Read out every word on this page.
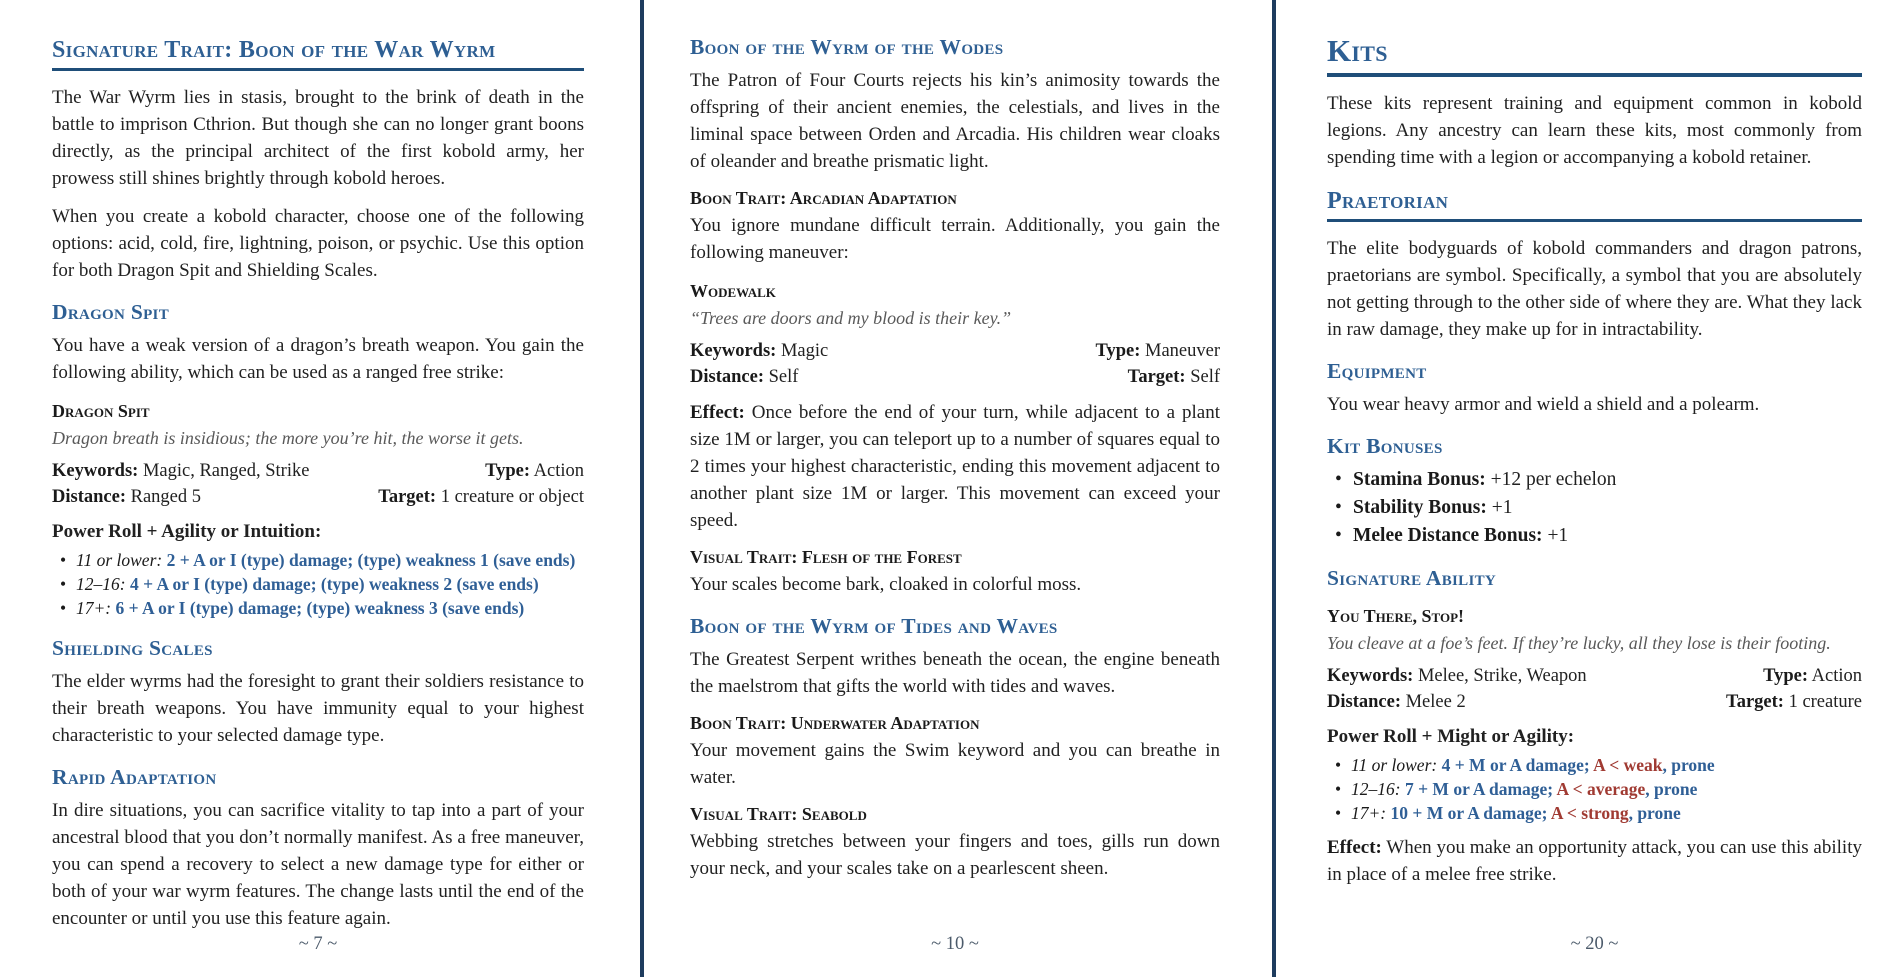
Signature Trait: Boon of the War Wyrm

The War Wyrm lies in stasis, brought to the brink of death in the battle to imprison Cthrion. But though she can no longer grant boons directly, as the principal architect of the first kobold army, her prowess still shines brightly through kobold heroes.

When you create a kobold character, choose one of the following options: acid, cold, fire, lightning, poison, or psychic. Use this option for both Dragon Spit and Shielding Scales.

Dragon Spit

You have a weak version of a dragon’s breath weapon. You gain the following ability, which can be used as a ranged free strike:

Dragon Spit
Dragon breath is insidious; the more you’re hit, the worse it gets.
Keywords: Magic, Ranged, Strike	Type: Action
Distance: Ranged 5	Target: 1 creature or object
Power Roll + Agility or Intuition:
• 11 or lower: 2 + A or I (type) damage; (type) weakness 1 (save ends)
• 12–16: 4 + A or I (type) damage; (type) weakness 2 (save ends)
• 17+: 6 + A or I (type) damage; (type) weakness 3 (save ends)
Shielding Scales

The elder wyrms had the foresight to grant their soldiers resistance to their breath weapons. You have immunity equal to your highest characteristic to your selected damage type.

Rapid Adaptation

In dire situations, you can sacrifice vitality to tap into a part of your ancestral blood that you don’t normally manifest. As a free maneuver, you can spend a recovery to select a new damage type for either or both of your war wyrm features. The change lasts until the end of the encounter or until you use this feature again.

~ 7 ~
Boon of the Wyrm of the Wodes

The Patron of Four Courts rejects his kin’s animosity towards the offspring of their ancient enemies, the celestials, and lives in the liminal space between Orden and Arcadia. His children wear cloaks of oleander and breathe prismatic light.

Boon Trait: Arcadian Adaptation

You ignore mundane difficult terrain. Additionally, you gain the following maneuver:

Wodewalk
“Trees are doors and my blood is their key.”
Keywords: Magic	Type: Maneuver
Distance: Self	Target: Self

Effect: Once before the end of your turn, while adjacent to a plant size 1M or larger, you can teleport up to a number of squares equal to 2 times your highest characteristic, ending this movement adjacent to another plant size 1M or larger. This movement can exceed your speed.

Visual Trait: Flesh of the Forest

Your scales become bark, cloaked in colorful moss.

Boon of the Wyrm of Tides and Waves

The Greatest Serpent writhes beneath the ocean, the engine beneath the maelstrom that gifts the world with tides and waves.

Boon Trait: Underwater Adaptation

Your movement gains the Swim keyword and you can breathe in water.

Visual Trait: Seabold

Webbing stretches between your fingers and toes, gills run down your neck, and your scales take on a pearlescent sheen.

~ 10 ~
Kits

These kits represent training and equipment common in kobold legions. Any ancestry can learn these kits, most commonly from spending time with a legion or accompanying a kobold retainer.

Praetorian

The elite bodyguards of kobold commanders and dragon patrons, praetorians are symbol. Specifically, a symbol that you are absolutely not getting through to the other side of where they are. What they lack in raw damage, they make up for in intractability.

Equipment

You wear heavy armor and wield a shield and a polearm.

Kit Bonuses
• Stamina Bonus: +12 per echelon
• Stability Bonus: +1
• Melee Distance Bonus: +1
Signature Ability
You There, Stop!
You cleave at a foe’s feet. If they’re lucky, all they lose is their footing.
Keywords: Melee, Strike, Weapon	Type: Action
Distance: Melee 2	Target: 1 creature
Power Roll + Might or Agility:
• 11 or lower: 4 + M or A damage; A < weak, prone
• 12–16: 7 + M or A damage; A < average, prone
• 17+: 10 + M or A damage; A < strong, prone

Effect: When you make an opportunity attack, you can use this ability in place of a melee free strike.

~ 20 ~
